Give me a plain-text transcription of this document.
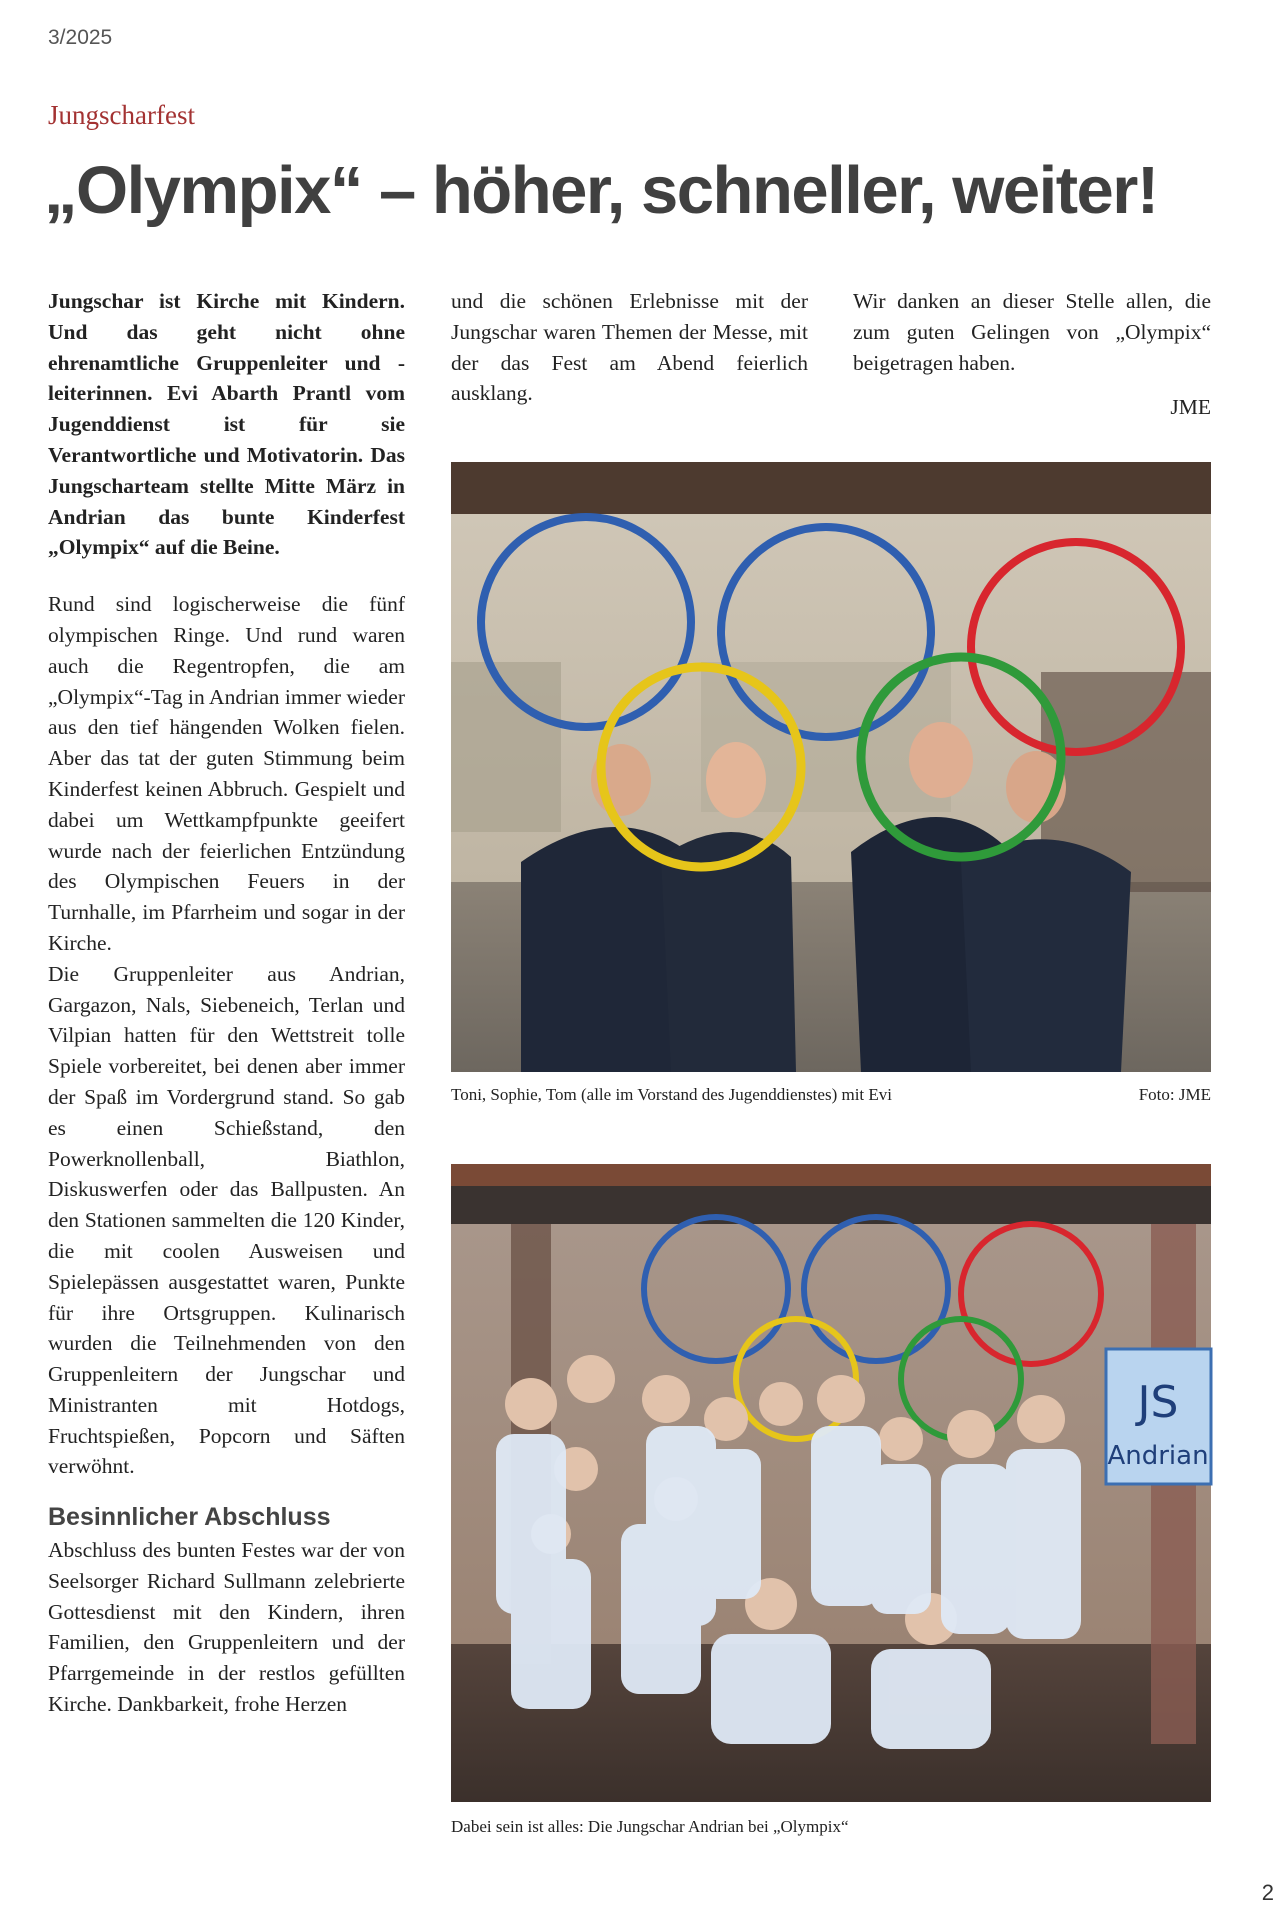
3/2025
Jungscharfest
„Olympix“ – höher, schneller, weiter!

Jungschar ist Kirche mit Kindern. Und das geht nicht ohne ehrenamtliche Gruppenleiter und -leiterinnen. Evi Abarth Prantl vom Jugenddienst ist für sie Verantwortliche und Motivatorin. Das Jungscharteam stellte Mitte März in Andrian das bunte Kinderfest „Olympix“ auf die Beine.

Rund sind logischerweise die fünf olympischen Ringe. Und rund waren auch die Regentropfen, die am „Olympix“-Tag in Andrian immer wieder aus den tief hängenden Wolken fielen. Aber das tat der guten Stimmung beim Kinderfest keinen Abbruch. Gespielt und dabei um Wettkampfpunkte geeifert wurde nach der feierlichen Entzündung des Olympischen Feuers in der Turnhalle, im Pfarrheim und sogar in der Kirche.

Die Gruppenleiter aus Andrian, Gargazon, Nals, Siebeneich, Terlan und Vilpian hatten für den Wettstreit tolle Spiele vorbereitet, bei denen aber immer der Spaß im Vordergrund stand. So gab es einen Schießstand, den Powerknollenball, Biathlon, Diskuswerfen oder das Ballpusten. An den Stationen sammelten die 120 Kinder, die mit coolen Ausweisen und Spielepässen ausgestattet waren, Punkte für ihre Ortsgruppen. Kulinarisch wurden die Teilnehmenden von den Gruppenleitern der Jungschar und Ministranten mit Hotdogs, Fruchtspießen, Popcorn und Säften verwöhnt.

Besinnlicher Abschluss

Abschluss des bunten Festes war der von Seelsorger Richard Sullmann zelebrierte Gottesdienst mit den Kindern, ihren Familien, den Gruppenleitern und der Pfarrgemeinde in der restlos gefüllten Kirche. Dankbarkeit, frohe Herzen

und die schönen Erlebnisse mit der Jungschar waren Themen der Messe, mit der das Fest am Abend feierlich ausklang.

Wir danken an dieser Stelle allen, die zum guten Gelingen von „Olympix“ beigetragen haben.

JME

Toni, Sophie, Tom (alle im Vorstand des Jugenddienstes) mit Evi	Foto: JME
JS
Andrian
Dabei sein ist alles: Die Jungschar Andrian bei „Olympix“
2
